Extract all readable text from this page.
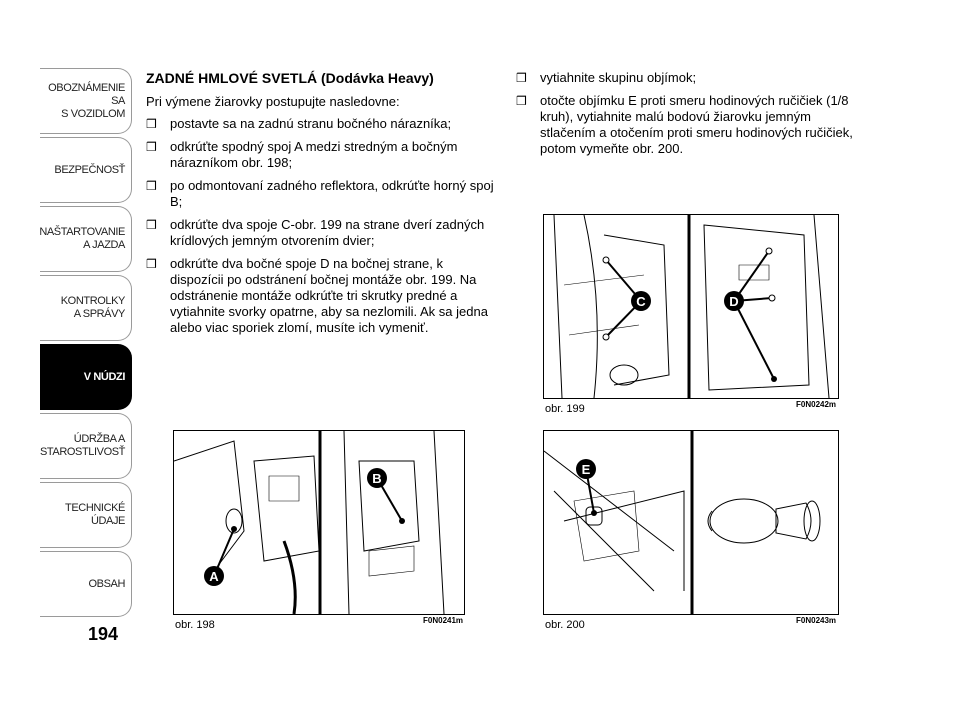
OBOZNÁMENIE SA
S VOZIDLOM
BEZPEČNOSŤ
NAŠTARTOVANIE
A JAZDA
KONTROLKY
A SPRÁVY
V NÚDZI
ÚDRŽBA A
STAROSTLIVOSŤ
TECHNICKÉ
ÚDAJE
OBSAH
194
ZADNÉ HMLOVÉ SVETLÁ (Dodávka Heavy)
Pri výmene žiarovky postupujte nasledovne:
❒ postavte sa na zadnú stranu bočného nárazníka;
❒ odkrúťte spodný spoj A medzi stredným a bočným nárazníkom obr. 198;
❒ po odmontovaní zadného reflektora, odkrúťte horný spoj B;
❒ odkrúťte dva spoje C-obr. 199 na strane dverí zadných krídlových jemným otvorením dvier;
❒ odkrúťte dva bočné spoje D na bočnej strane, k dispozícii po odstránení bočnej montáže obr. 199. Na odstránenie montáže odkrúťte tri skrutky predné a vytiahnite svorky opatrne, aby sa nezlomili. Ak sa jedna alebo viac sporiek zlomí, musíte ich vymeniť.
❒ vytiahnite skupinu objímok;
❒ otočte objímku E proti smeru hodinových ručičiek (1/8 kruh), vytiahnite malú bodovú žiarovku jemným stlačením a otočením proti smeru hodinových ručičiek, potom vymeňte obr. 200.
C	D
obr. 199	F0N0242m
A
B
obr. 198	F0N0241m
E
obr. 200	F0N0243m
